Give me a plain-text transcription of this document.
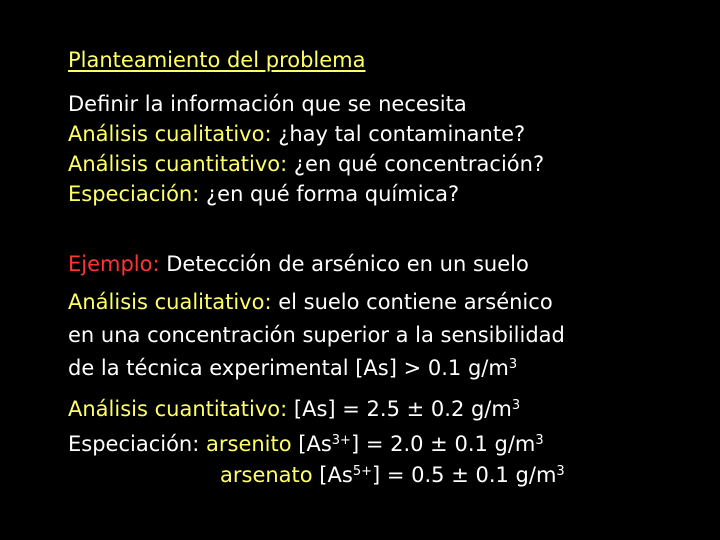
Planteamiento del problema
Definir la información que se necesita
Análisis cualitativo: ¿hay tal contaminante?
Análisis cuantitativo: ¿en qué concentración?
Especiación: ¿en qué forma química?
Ejemplo: Detección de arsénico en un suelo
Análisis cualitativo: el suelo contiene arsénico
en una concentración superior a la sensibilidad
de la técnica experimental [As] > 0.1 $g/m^3$
Análisis cuantitativo: [As] = 2.5 ± 0.2 $g/m^3$
Especiación: arsenito $[As^{3+}] = 2.0 \pm 0.1$ $g/m^3$
arsenato $[As^{5+}] = 0.5 \pm 0.1$ $g/m^3$
